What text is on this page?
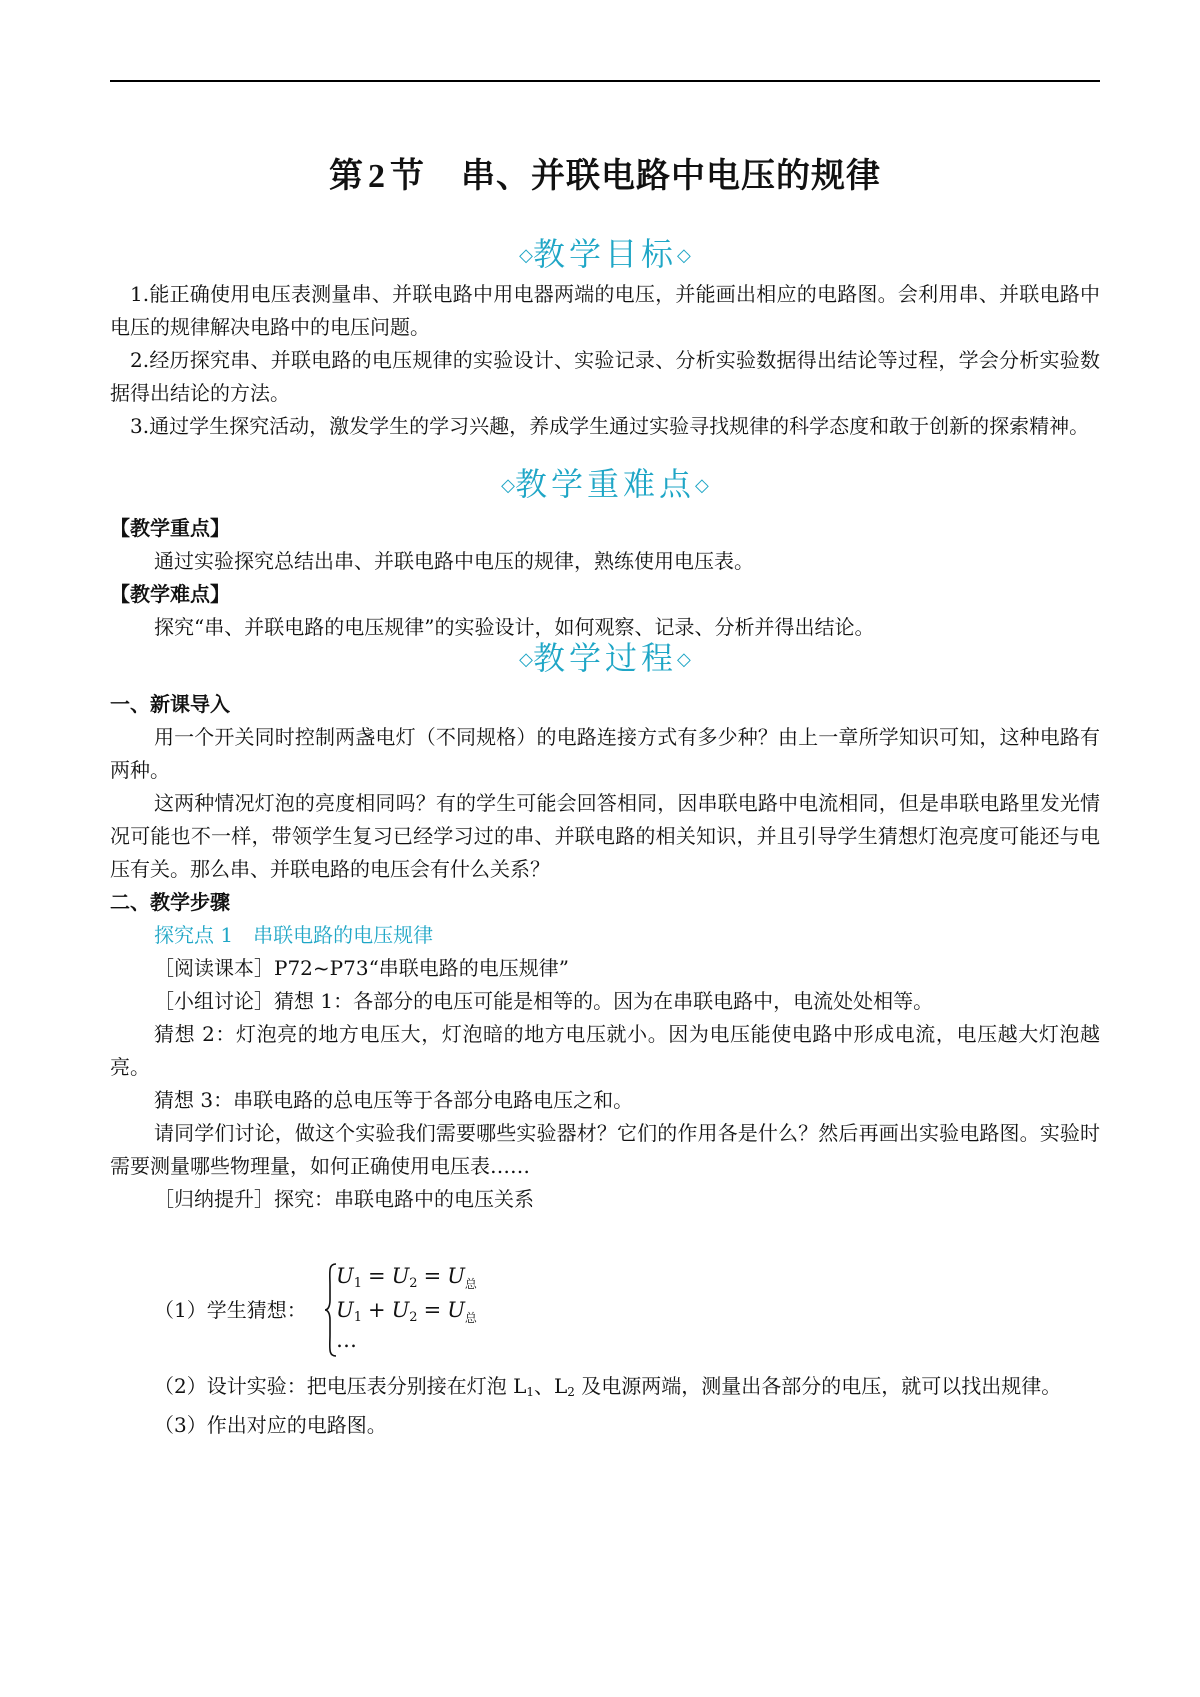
第 2 节 串、并联电路中电压的规律
◇教学目标◇

1.能正确使用电压表测量串、并联电路中用电器两端的电压，并能画出相应的电路图。会利用串、并联电路中电压的规律解决电路中的电压问题。

2.经历探究串、并联电路的电压规律的实验设计、实验记录、分析实验数据得出结论等过程，学会分析实验数据得出结论的方法。

3.通过学生探究活动，激发学生的学习兴趣，养成学生通过实验寻找规律的科学态度和敢于创新的探索精神。

◇教学重难点◇

【教学重点】

通过实验探究总结出串、并联电路中电压的规律，熟练使用电压表。

【教学难点】

探究“串、并联电路的电压规律”的实验设计，如何观察、记录、分析并得出结论。

◇教学过程◇

一、新课导入

用一个开关同时控制两盏电灯（不同规格）的电路连接方式有多少种？由上一章所学知识可知，这种电路有两种。

这两种情况灯泡的亮度相同吗？有的学生可能会回答相同，因串联电路中电流相同，但是串联电路里发光情况可能也不一样，带领学生复习已经学习过的串、并联电路的相关知识，并且引导学生猜想灯泡亮度可能还与电压有关。那么串、并联电路的电压会有什么关系？

二、教学步骤

探究点 1　串联电路的电压规律

［阅读课本］P72~P73“串联电路的电压规律”

［小组讨论］猜想 1：各部分的电压可能是相等的。因为在串联电路中，电流处处相等。

猜想 2：灯泡亮的地方电压大，灯泡暗的地方电压就小。因为电压能使电路中形成电流，电压越大灯泡越亮。

猜想 3：串联电路的总电压等于各部分电路电压之和。

请同学们讨论，做这个实验我们需要哪些实验器材？它们的作用各是什么？然后再画出实验电路图。实验时需要测量哪些物理量，如何正确使用电压表……

［归纳提升］探究：串联电路中的电压关系

（1）学生猜想：
$U_1 = U_2 = U_总$
$U_1 + U_2 = U_总$
…

（2）设计实验：把电压表分别接在灯泡 L1、L2 及电源两端，测量出各部分的电压，就可以找出规律。

（3）作出对应的电路图。
